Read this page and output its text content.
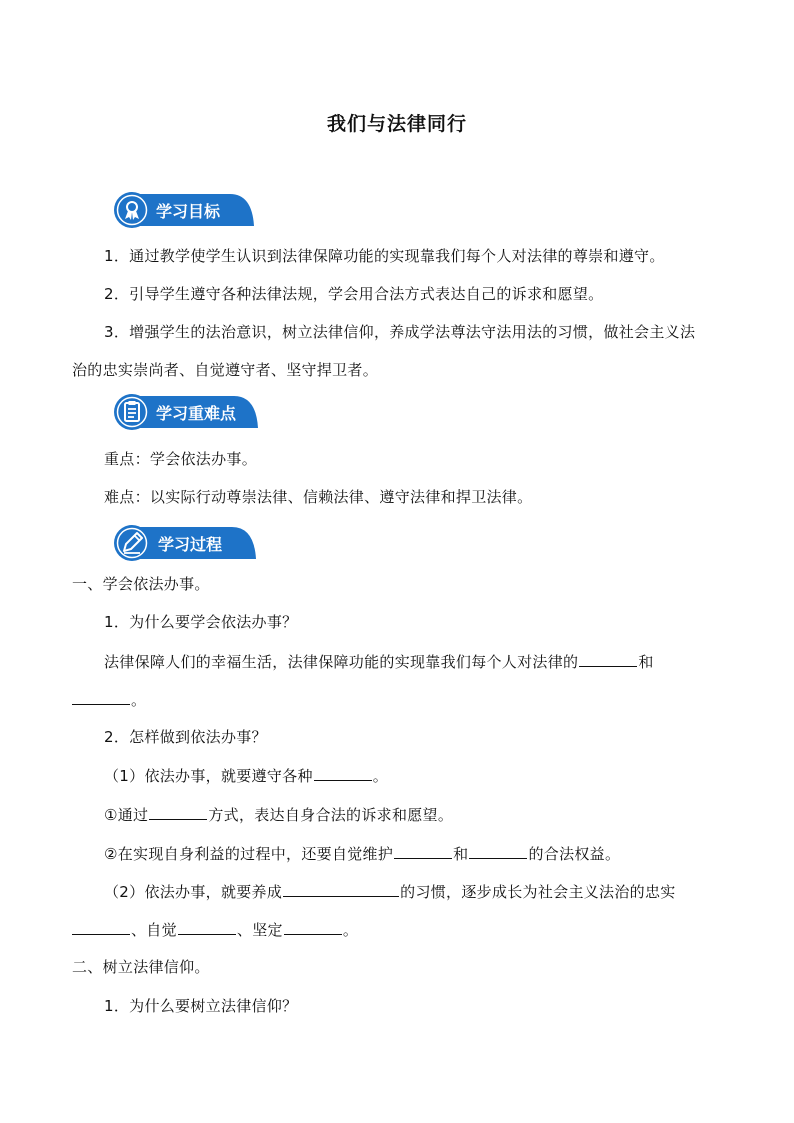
我们与法律同行
学习目标
1．通过教学使学生认识到法律保障功能的实现靠我们每个人对法律的尊崇和遵守。
2．引导学生遵守各种法律法规，学会用合法方式表达自己的诉求和愿望。
3．增强学生的法治意识，树立法律信仰，养成学法尊法守法用法的习惯，做社会主义法
治的忠实崇尚者、自觉遵守者、坚守捍卫者。
学习重难点
重点：学会依法办事。
难点：以实际行动尊崇法律、信赖法律、遵守法律和捍卫法律。
学习过程
一、学会依法办事。
1．为什么要学会依法办事？
法律保障人们的幸福生活，法律保障功能的实现靠我们每个人对法律的	和
。
2．怎样做到依法办事？
（1）依法办事，就要遵守各种	。
①通过	方式，表达自身合法的诉求和愿望。
②在实现自身利益的过程中，还要自觉维护	和	的合法权益。
（2）依法办事，就要养成	的习惯，逐步成长为社会主义法治的忠实
、自觉	、坚定	。
二、树立法律信仰。
1．为什么要树立法律信仰？
